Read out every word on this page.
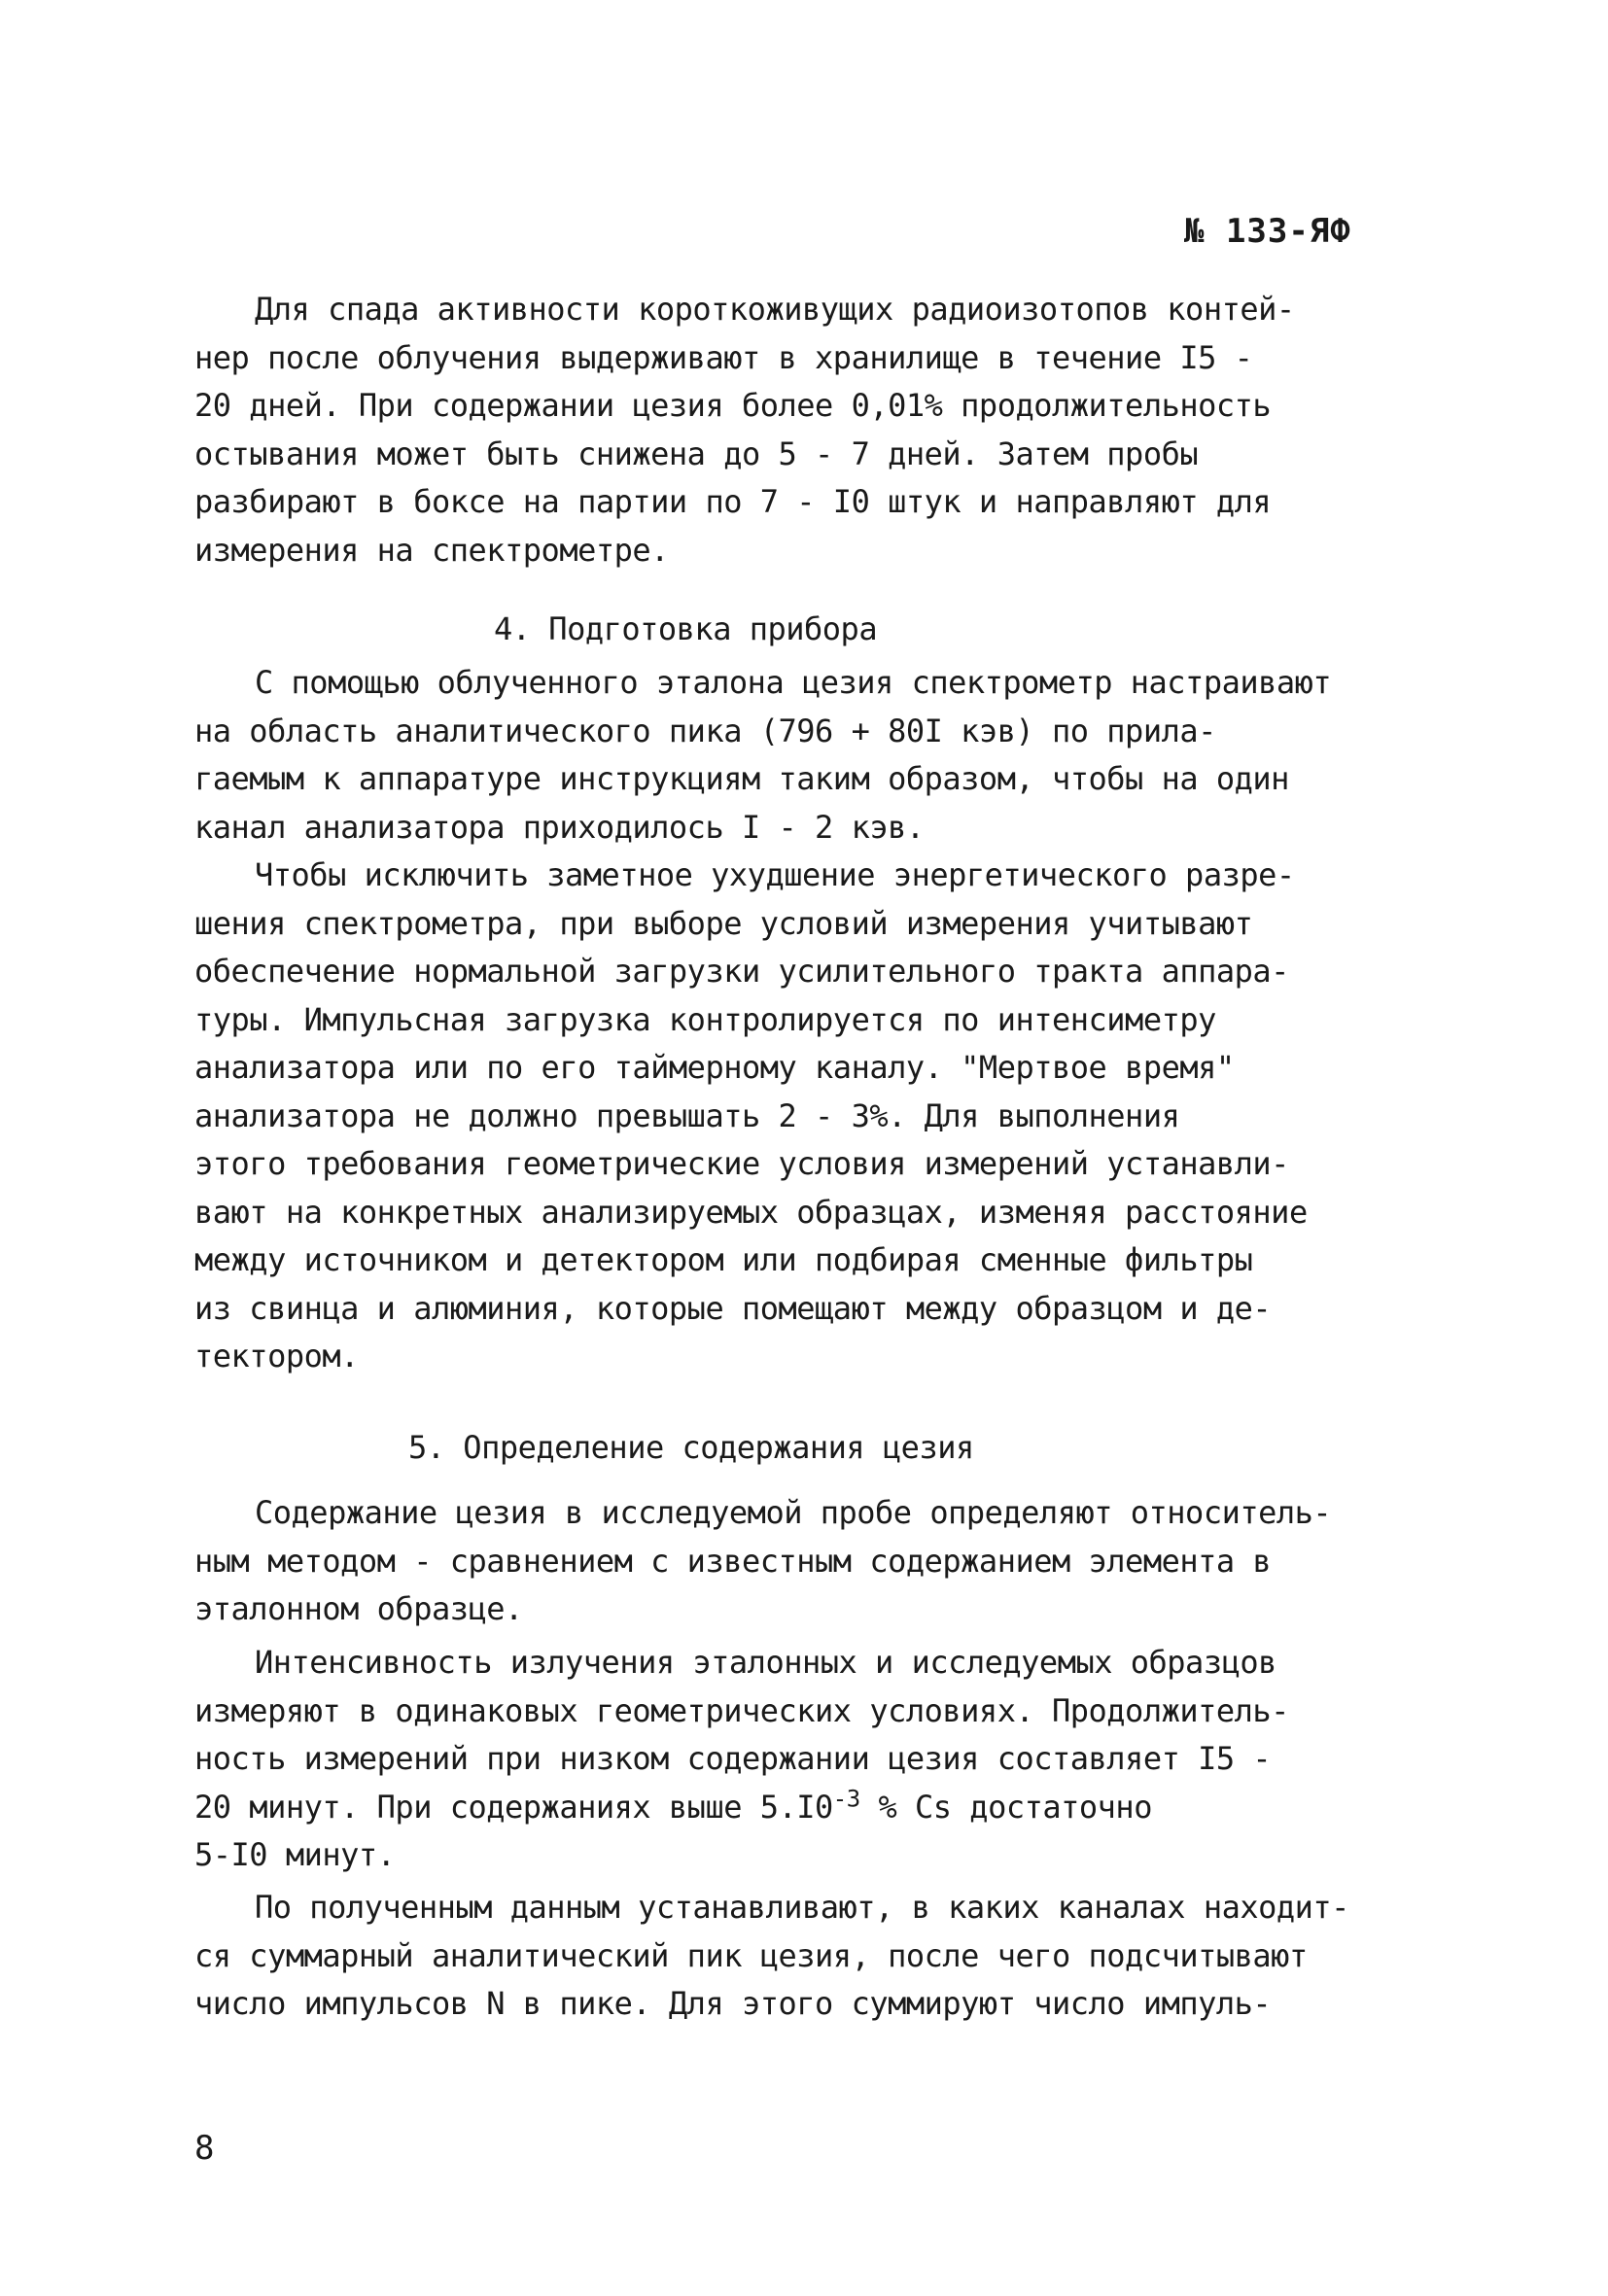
№ 133-ЯФ
Для спада активности короткоживущих радиоизотопов контей-
нер после облучения выдерживают в хранилище в течение I5 -
20 дней. При содержании цезия более 0,01% продолжительность
остывания может быть снижена до 5 - 7 дней. Затем пробы
разбирают в боксе на партии по 7 - I0 штук и направляют для
измерения на спектрометре.
4. Подготовка прибора
С помощью облученного эталона цезия спектрометр настраивают
на область аналитического пика (796 + 80I кэв) по прила-
гаемым к аппаратуре инструкциям таким образом, чтобы на один
канал анализатора приходилось I - 2 кэв.
Чтобы исключить заметное ухудшение энергетического разре-
шения спектрометра, при выборе условий измерения учитывают
обеспечение нормальной загрузки усилительного тракта аппара-
туры. Импульсная загрузка контролируется по интенсиметру
анализатора или по его таймерному каналу. "Мертвое время"
анализатора не должно превышать 2 - 3%. Для выполнения
этого требования геометрические условия измерений устанавли-
вают на конкретных анализируемых образцах, изменяя расстояние
между источником и детектором или подбирая сменные фильтры
из свинца и алюминия, которые помещают между образцом и де-
тектором.
5. Определение содержания цезия
Содержание цезия в исследуемой пробе определяют относитель-
ным методом - сравнением с известным содержанием элемента в
эталонном образце.
Интенсивность излучения эталонных и исследуемых образцов
измеряют в одинаковых геометрических условиях. Продолжитель-
ность измерений при низком содержании цезия составляет I5 -
20 минут. При содержаниях выше $5.I0^{-3}$ % Cs достаточно
5-I0 минут.
По полученным данным устанавливают, в каких каналах находит-
ся суммарный аналитический пик цезия, после чего подсчитывают
число импульсов N в пике. Для этого суммируют число импуль-
8
